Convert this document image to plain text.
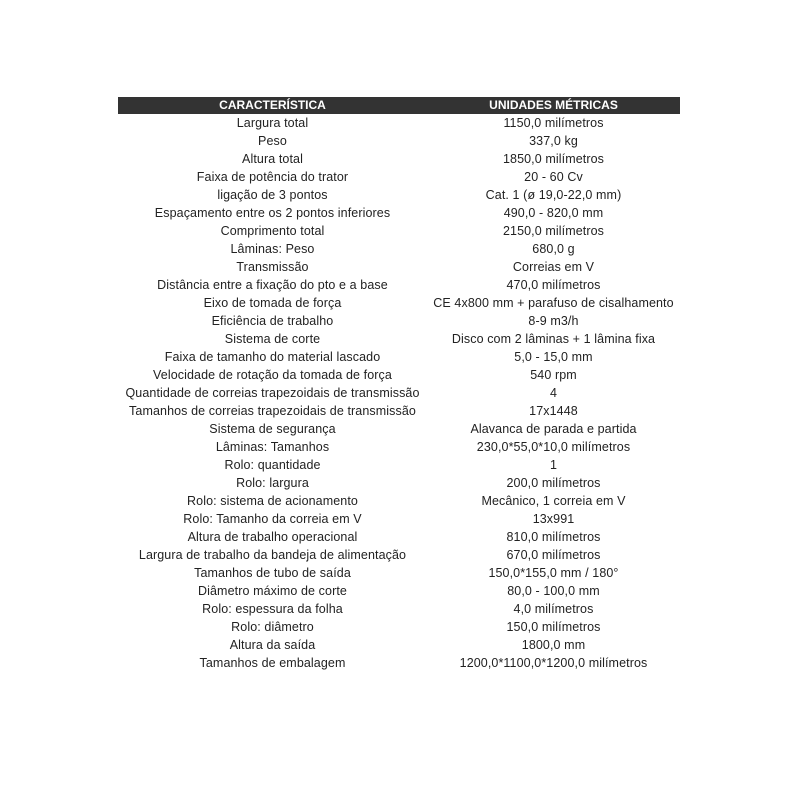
CARACTERÍSTICA	UNIDADES MÉTRICAS
Largura total	1150,0 milímetros
Peso	337,0 kg
Altura total	1850,0 milímetros
Faixa de potência do trator	20 - 60 Cv
ligação de 3 pontos	Cat. 1 (ø 19,0-22,0 mm)
Espaçamento entre os 2 pontos inferiores	490,0 - 820,0 mm
Comprimento total	2150,0 milímetros
Lâminas: Peso	680,0 g
Transmissão	Correias em V
Distância entre a fixação do pto e a base	470,0 milímetros
Eixo de tomada de força	CE 4x800 mm + parafuso de cisalhamento
Eficiência de trabalho	8-9 m3/h
Sistema de corte	Disco com 2 lâminas + 1 lâmina fixa
Faixa de tamanho do material lascado	5,0 - 15,0 mm
Velocidade de rotação da tomada de força	540 rpm
Quantidade de correias trapezoidais de transmissão	4
Tamanhos de correias trapezoidais de transmissão	17x1448
Sistema de segurança	Alavanca de parada e partida
Lâminas: Tamanhos	230,0*55,0*10,0 milímetros
Rolo: quantidade	1
Rolo: largura	200,0 milímetros
Rolo: sistema de acionamento	Mecânico, 1 correia em V
Rolo: Tamanho da correia em V	13x991
Altura de trabalho operacional	810,0 milímetros
Largura de trabalho da bandeja de alimentação	670,0 milímetros
Tamanhos de tubo de saída	150,0*155,0 mm / 180°
Diâmetro máximo de corte	80,0 - 100,0 mm
Rolo: espessura da folha	4,0 milímetros
Rolo: diâmetro	150,0 milímetros
Altura da saída	1800,0 mm
Tamanhos de embalagem	1200,0*1100,0*1200,0 milímetros
